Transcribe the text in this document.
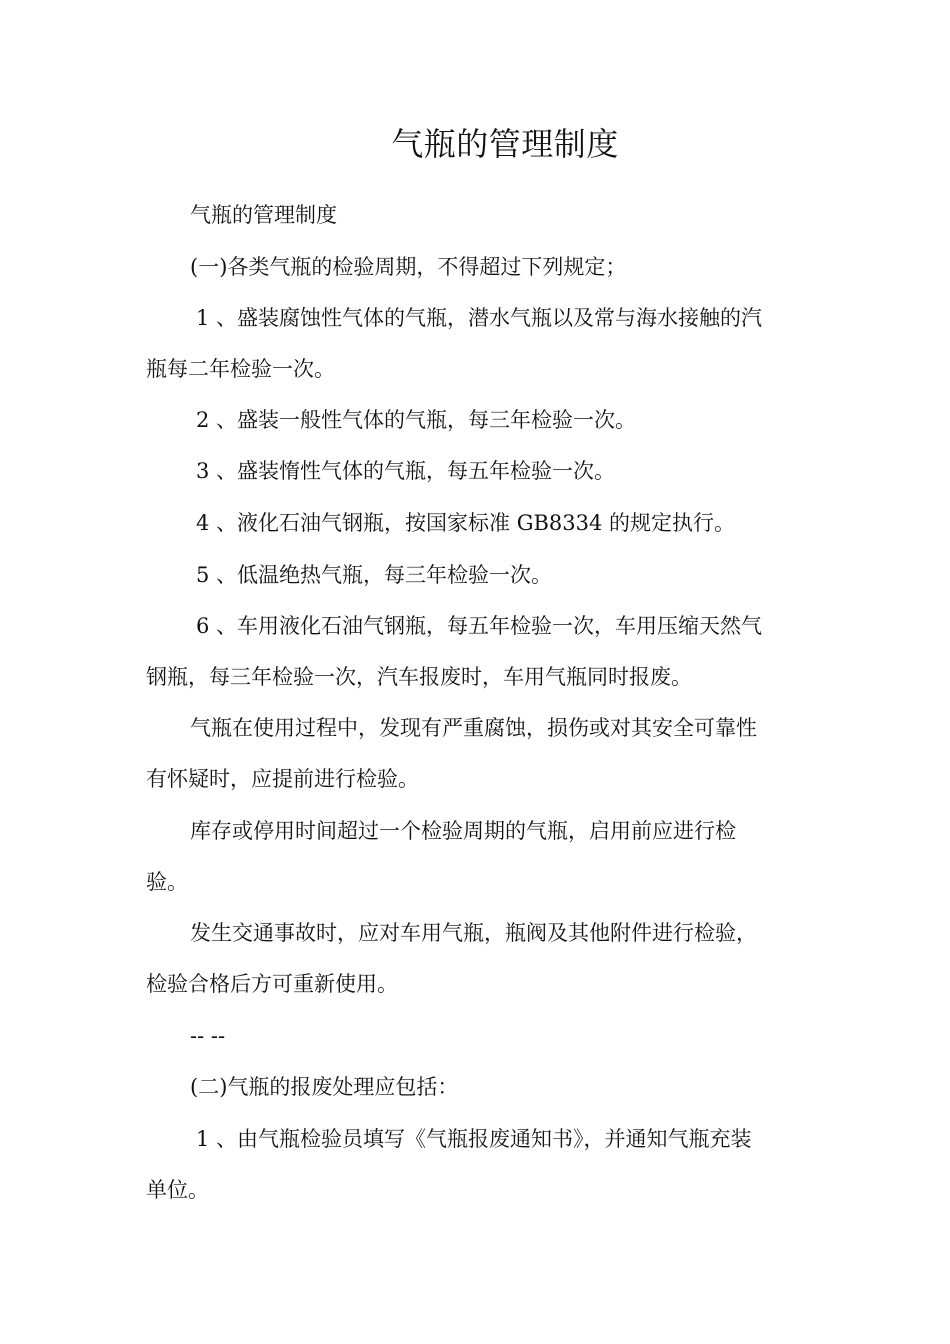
气瓶的管理制度

气瓶的管理制度

(一)各类气瓶的检验周期，不得超过下列规定；

1 、盛装腐蚀性气体的气瓶，潜水气瓶以及常与海水接触的汽

瓶每二年检验一次。

2 、盛装一般性气体的气瓶，每三年检验一次。

3 、盛装惰性气体的气瓶，每五年检验一次。

4 、液化石油气钢瓶，按国家标准 GB8334 的规定执行。

5 、低温绝热气瓶，每三年检验一次。

6 、车用液化石油气钢瓶，每五年检验一次，车用压缩天然气

钢瓶，每三年检验一次，汽车报废时，车用气瓶同时报废。

气瓶在使用过程中，发现有严重腐蚀，损伤或对其安全可靠性

有怀疑时，应提前进行检验。

库存或停用时间超过一个检验周期的气瓶，启用前应进行检

验。

发生交通事故时，应对车用气瓶，瓶阀及其他附件进行检验，

检验合格后方可重新使用。

-- --

(二)气瓶的报废处理应包括：

1 、由气瓶检验员填写《气瓶报废通知书》，并通知气瓶充装

单位。
